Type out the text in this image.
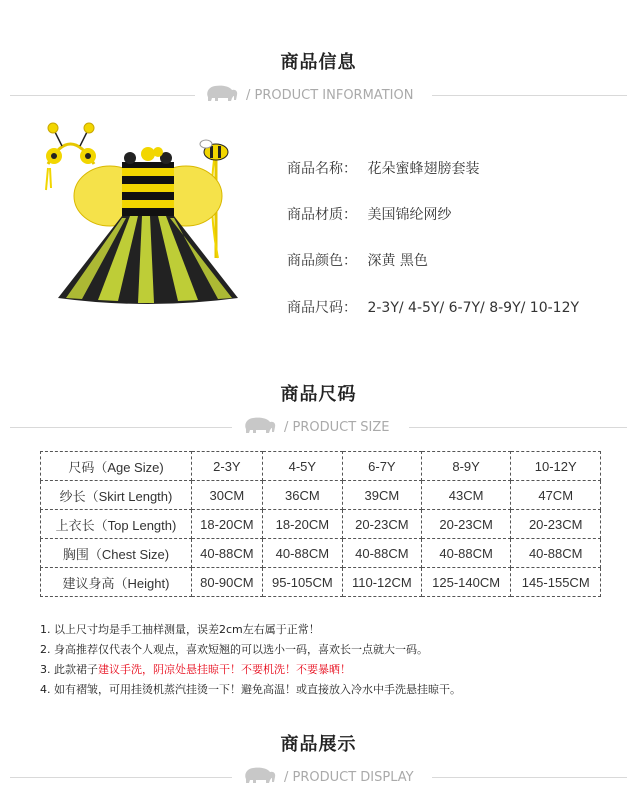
商品信息
/ PRODUCT INFORMATION
商品名称： 花朵蜜蜂翅膀套装
商品材质： 美国锦纶网纱
商品颜色： 深黄 黑色
商品尺码： 2-3Y/ 4-5Y/ 6-7Y/ 8-9Y/ 10-12Y
商品尺码
/ PRODUCT SIZE
尺码（Age Size)	2-3Y	4-5Y	6-7Y	8-9Y	10-12Y
纱长（Skirt Length)	30CM	36CM	39CM	43CM	47CM
上衣长（Top Length)	18-20CM	18-20CM	20-23CM	20-23CM	20-23CM
胸围（Chest Size)	40-88CM	40-88CM	40-88CM	40-88CM	40-88CM
建议身高（Height)	80-90CM	95-105CM	110-12CM	125-140CM	145-155CM
1. 以上尺寸均是手工抽样测量，误差2cm左右属于正常！
2. 身高推荐仅代表个人观点，喜欢短翘的可以选小一码，喜欢长一点就大一码。
3. 此款裙子建议手洗，阴凉处悬挂晾干！不要机洗！不要暴晒！
4. 如有褶皱，可用挂烫机蒸汽挂烫一下！避免高温！或直接放入冷水中手洗悬挂晾干。
商品展示
/ PRODUCT DISPLAY
